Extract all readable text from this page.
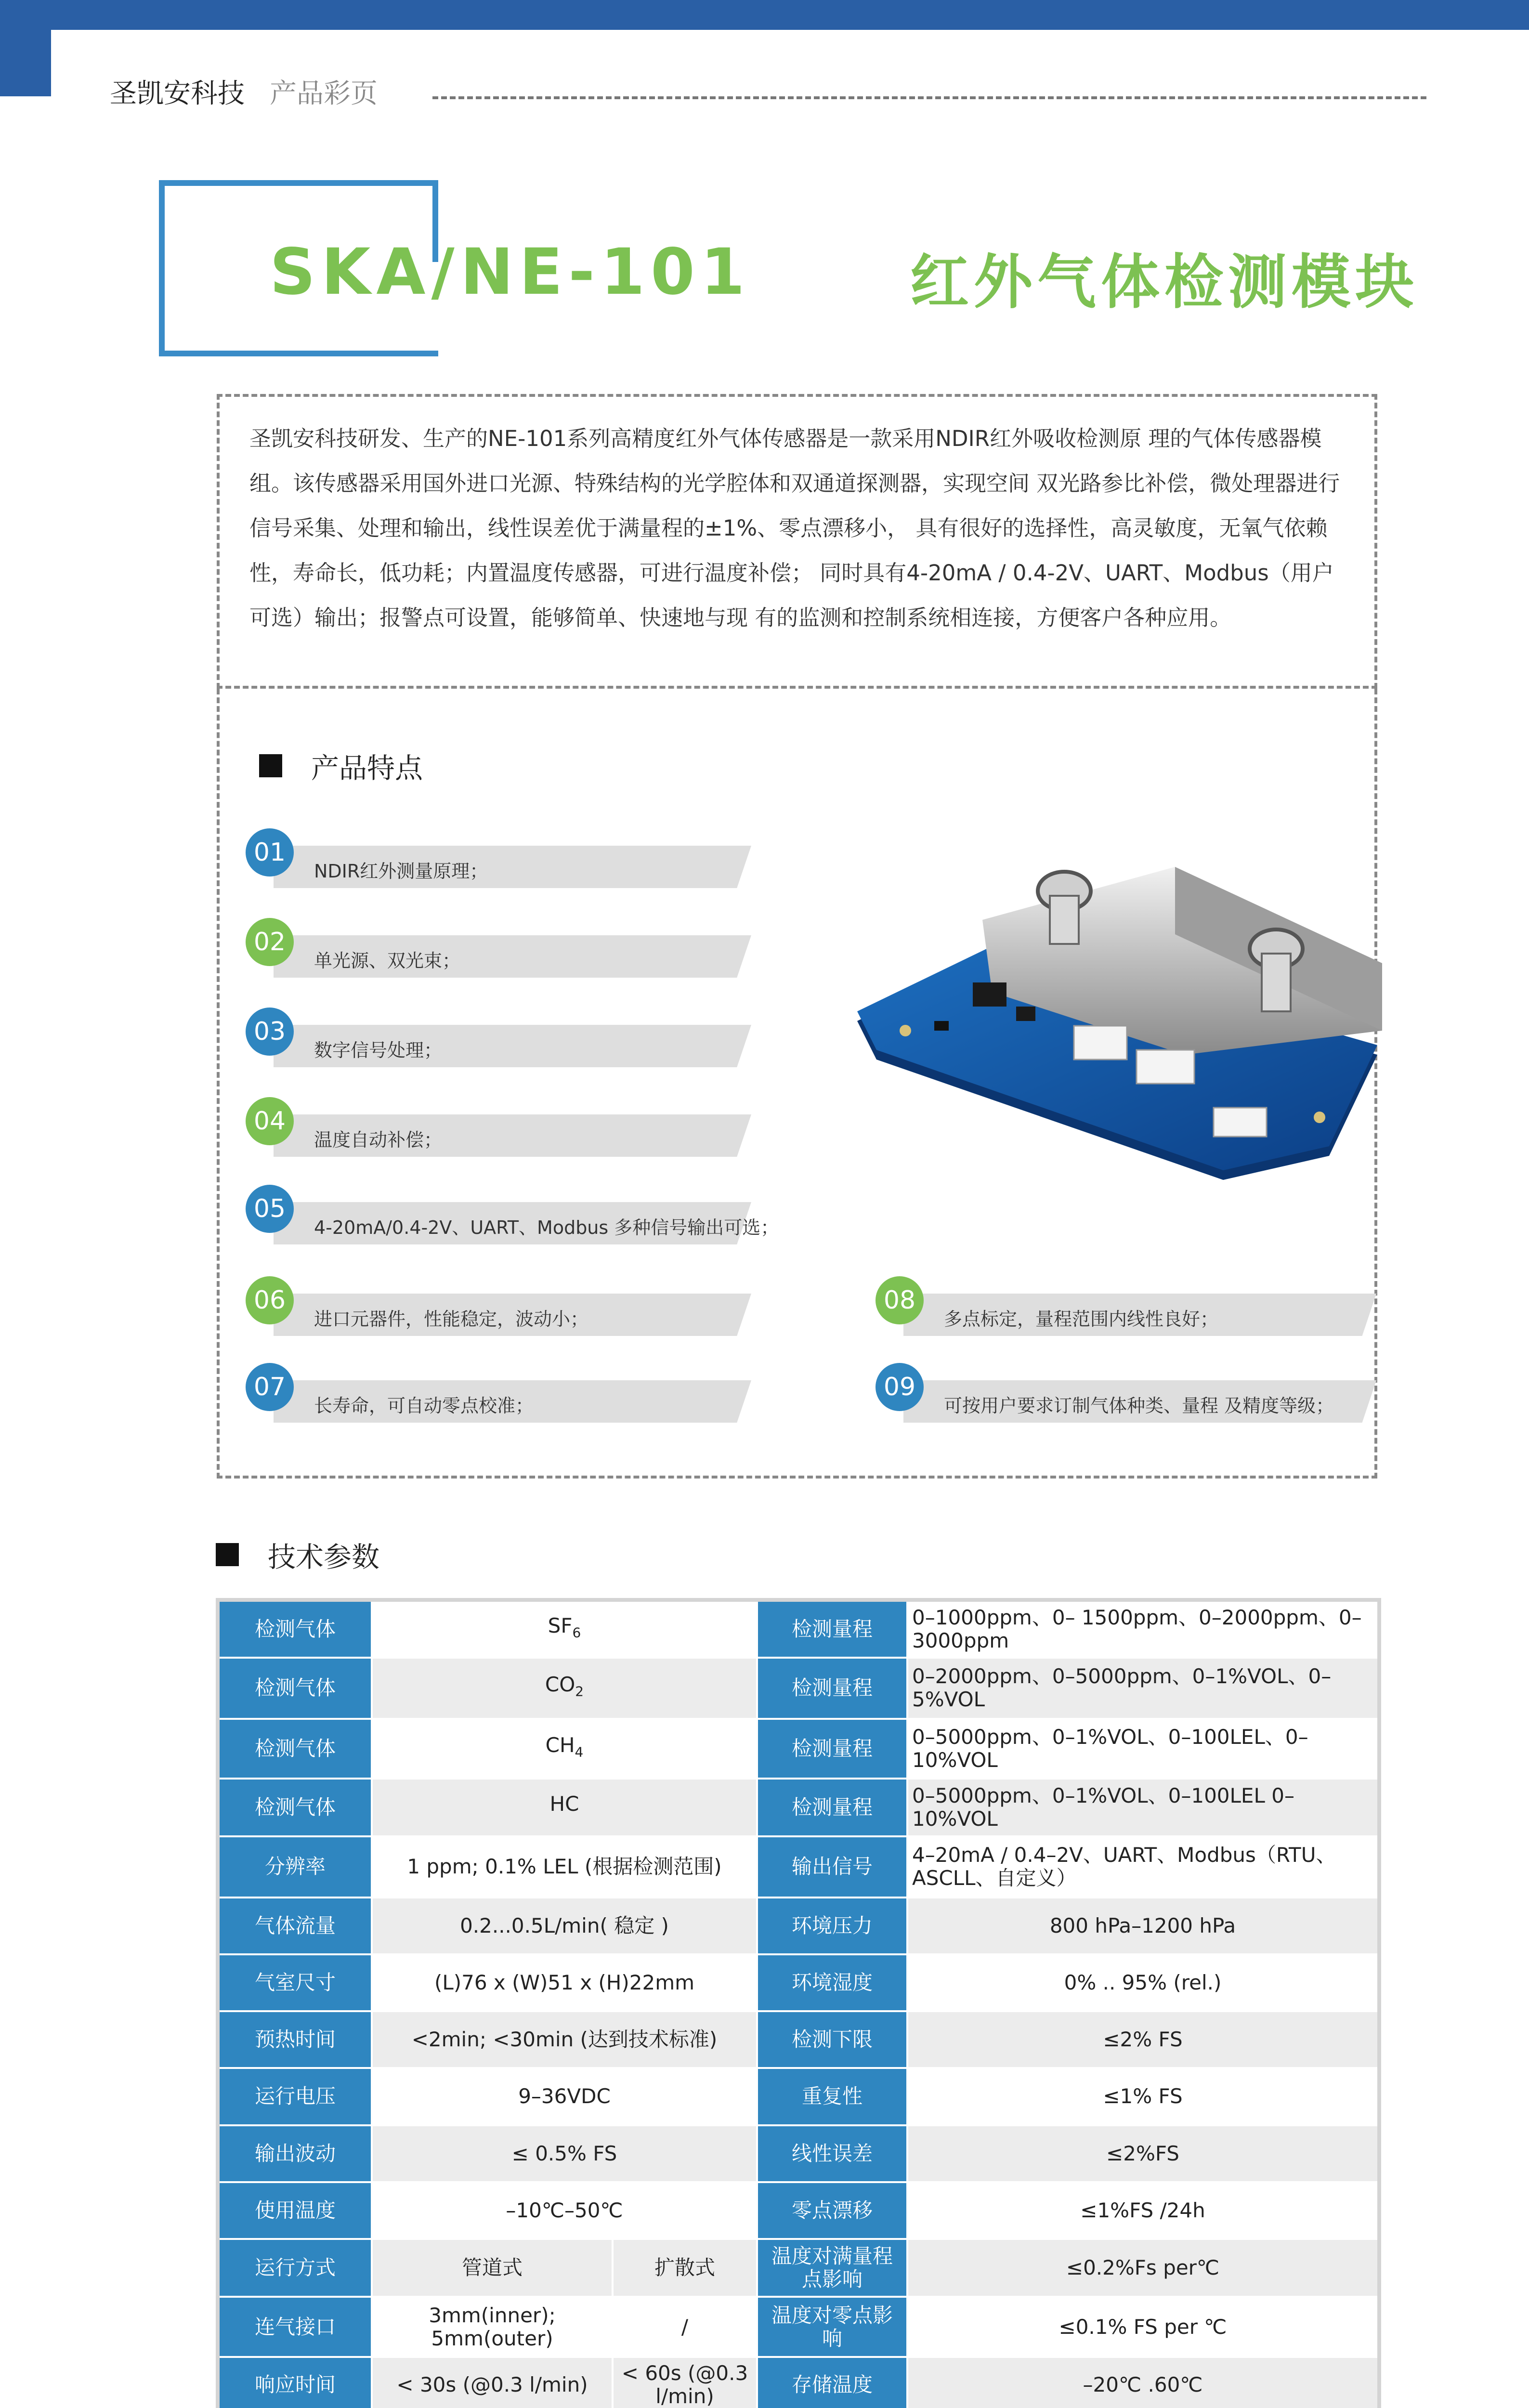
圣凯安科技 产品彩页
SKA/NE-101	红外气体检测模块

圣凯安科技研发、生产的NE-101系列高精度红外气体传感器是一款采用NDIR红外吸收检测原 理的气体传感器模组。该传感器采用国外进口光源、特殊结构的光学腔体和双通道探测器，实现空间 双光路参比补偿，微处理器进行信号采集、处理和输出，线性误差优于满量程的±1%、零点漂移小， 具有很好的选择性，高灵敏度，无氧气依赖性，寿命长，低功耗；内置温度传感器，可进行温度补偿； 同时具有4-20mA / 0.4-2V、UART、Modbus（用户可选）输出；报警点可设置，能够简单、快速地与现 有的监测和控制系统相连接，方便客户各种应用。

产品特点
01
NDIR红外测量原理；
02
单光源、双光束；
03
数字信号处理；
04
温度自动补偿；
05
4-20mA/0.4-2V、UART、Modbus 多种信号输出可选；
06
进口元器件，性能稳定，波动小；
07
长寿命，可自动零点校准；
08
多点标定，量程范围内线性良好；
09
可按用户要求订制气体种类、量程 及精度等级；
技术参数
检测气体	$SF_6$		检测量程	0–1000ppm、0– 1500ppm、0–2000ppm、0–3000ppm
检测气体	$CO_2$		检测量程	0–2000ppm、0–5000ppm、0–1%VOL、0–5%VOL
检测气体	$CH_4$		检测量程	0–5000ppm、0–1%VOL、0–100LEL、0–10%VOL
检测气体	HC		检测量程	0–5000ppm、0–1%VOL、0–100LEL 0–10%VOL
分辨率	1 ppm; 0.1% LEL (根据检测范围)		输出信号	4–20mA / 0.4–2V、UART、Modbus（RTU、ASCLL、自定义）
气体流量	0.2...0.5L/min( 稳定 )		环境压力	800 hPa–1200 hPa
气室尺寸	(L)76 x (W)51 x (H)22mm		环境湿度	0% .. 95% (rel.)
预热时间	<2min; <30min (达到技术标准)		检测下限	≤2% FS
运行电压	9–36VDC		重复性	≤1% FS
输出波动	≤ 0.5% FS		线性误差	≤2%FS
使用温度	–10℃–50℃		零点漂移	≤1%FS /24h
运行方式	管道式	扩散式	温度对满量程点影响	≤0.2%Fs per℃
连气接口	3mm(inner); 5mm(outer)	/	温度对零点影响	≤0.1% FS per ℃
响应时间	< 30s (@0.3 l/min)	< 60s (@0.3 l/min)	存储温度	–20℃ .60℃
